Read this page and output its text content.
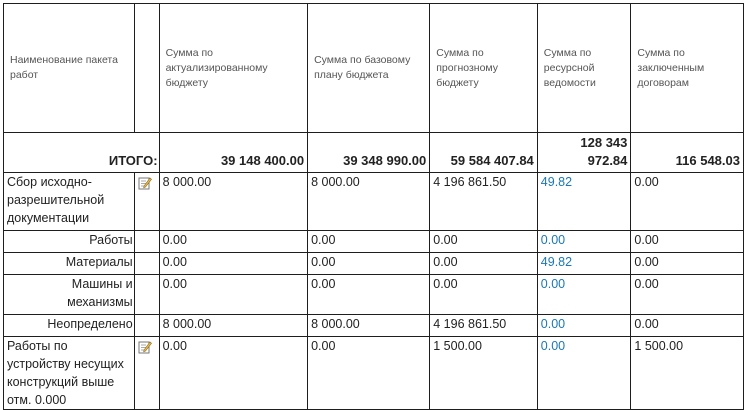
Наименование пакета работ		Сумма по актуализированному бюджету	Сумма по базовому плану бюджета	Сумма по прогнозному бюджету	Сумма по ресурсной ведомости	Сумма по заключенным договорам
ИТОГО:		39 148 400.00	39 348 990.00	59 584 407.84	128 343 972.84	116 548.03
Сбор исходно-разрешительной документации		8 000.00	8 000.00	4 196 861.50	49.82	0.00
Работы		0.00	0.00	0.00	0.00	0.00
Материалы		0.00	0.00	0.00	49.82	0.00
Машины и механизмы		0.00	0.00	0.00	0.00	0.00
Неопределено		8 000.00	8 000.00	4 196 861.50	0.00	0.00
Работы по устройству несущих конструкций выше отм. 0.000		0.00	0.00	1 500.00	0.00	1 500.00
